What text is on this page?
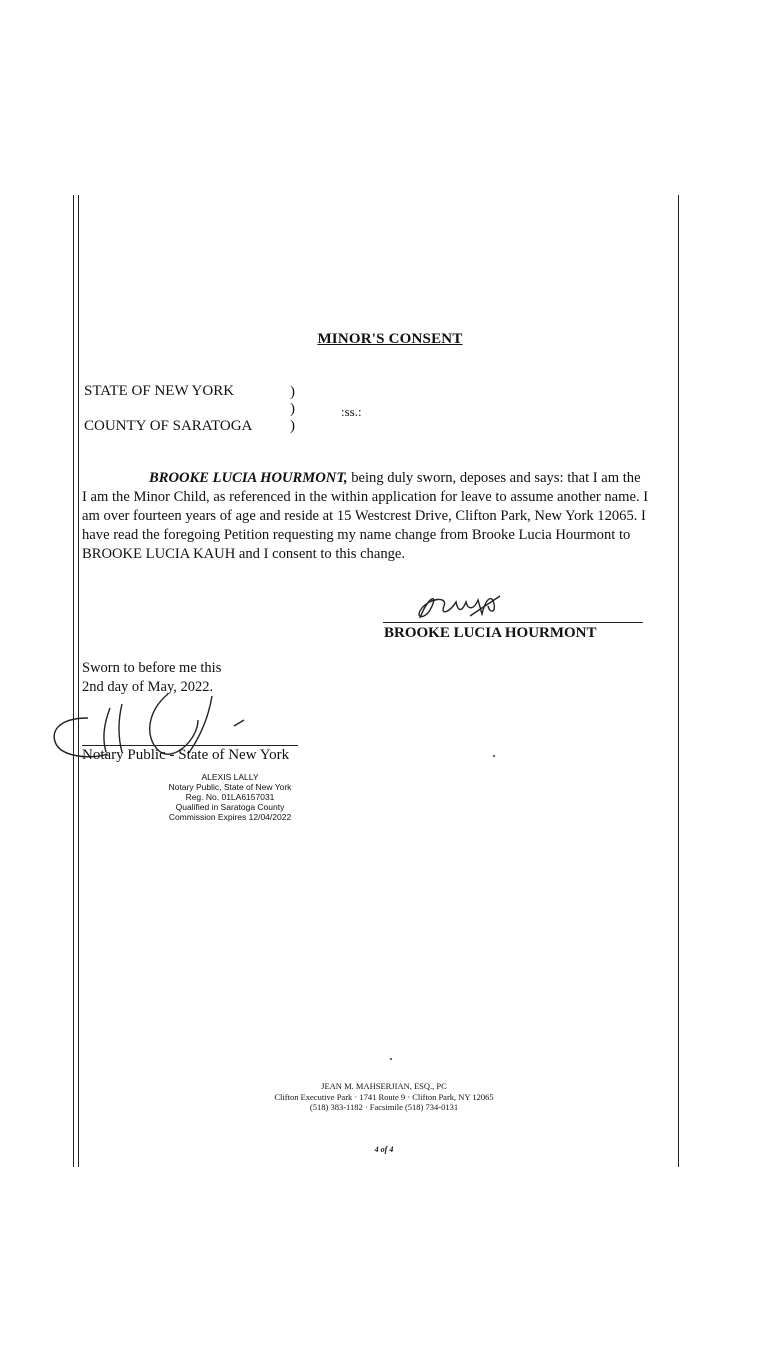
MINOR'S CONSENT
STATE OF NEW YORK
COUNTY OF SARATOGA
)
)
)
:ss.:
BROOKE LUCIA HOURMONT, being duly sworn, deposes and says: that I am the
I am the Minor Child, as referenced in the within application for leave to assume another name. I
am over fourteen years of age and reside at 15 Westcrest Drive, Clifton Park, New York 12065. I
have read the foregoing Petition requesting my name change from Brooke Lucia Hourmont to
BROOKE LUCIA KAUH and I consent to this change.
BROOKE LUCIA HOURMONT
Sworn to before me this
2nd day of May, 2022.
Notary Public - State of New York
ALEXIS LALLY
Notary Public, State of New York
Reg. No. 01LA6157031
Qualified in Saratoga County
Commission Expires 12/04/2022
JEAN M. MAHSERJIAN, ESQ., PC
Clifton Executive Park · 1741 Route 9 · Clifton Park, NY 12065
(518) 383-1182 · Facsimile (518) 734-0131
4 of 4
